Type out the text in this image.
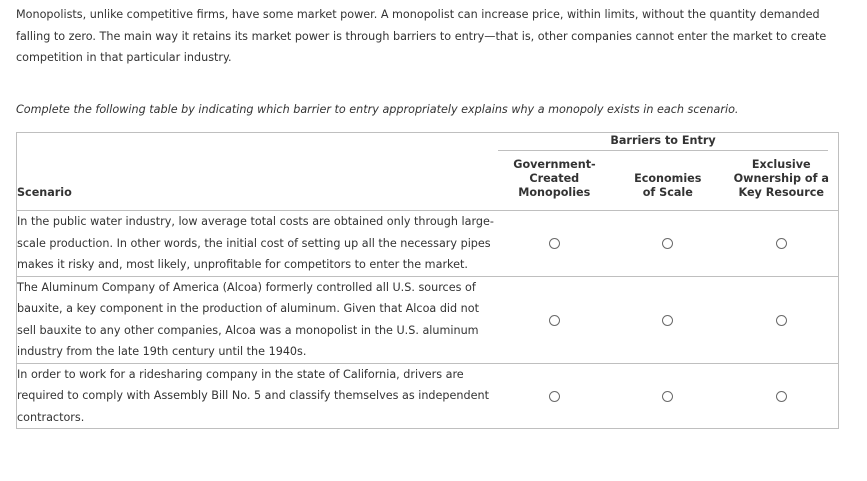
Monopolists, unlike competitive firms, have some market power. A monopolist can increase price, within limits, without the quantity demanded falling to zero. The main way it retains its market power is through barriers to entry—that is, other companies cannot enter the market to create competition in that particular industry.

Complete the following table by indicating which barrier to entry appropriately explains why a monopoly exists in each scenario.

Barriers to Entry
Scenario	Government-Created Monopolies	Economies of Scale	Exclusive Ownership of a Key Resource

In the public water industry, low average total costs are obtained only through large-scale production. In other words, the initial cost of setting up all the necessary pipes makes it risky and, most likely, unprofitable for competitors to enter the market.			
The Aluminum Company of America (Alcoa) formerly controlled all U.S. sources of bauxite, a key component in the production of aluminum. Given that Alcoa did not sell bauxite to any other companies, Alcoa was a monopolist in the U.S. aluminum industry from the late 19th century until the 1940s.			
In order to work for a ridesharing company in the state of California, drivers are required to comply with Assembly Bill No. 5 and classify themselves as independent contractors.			
